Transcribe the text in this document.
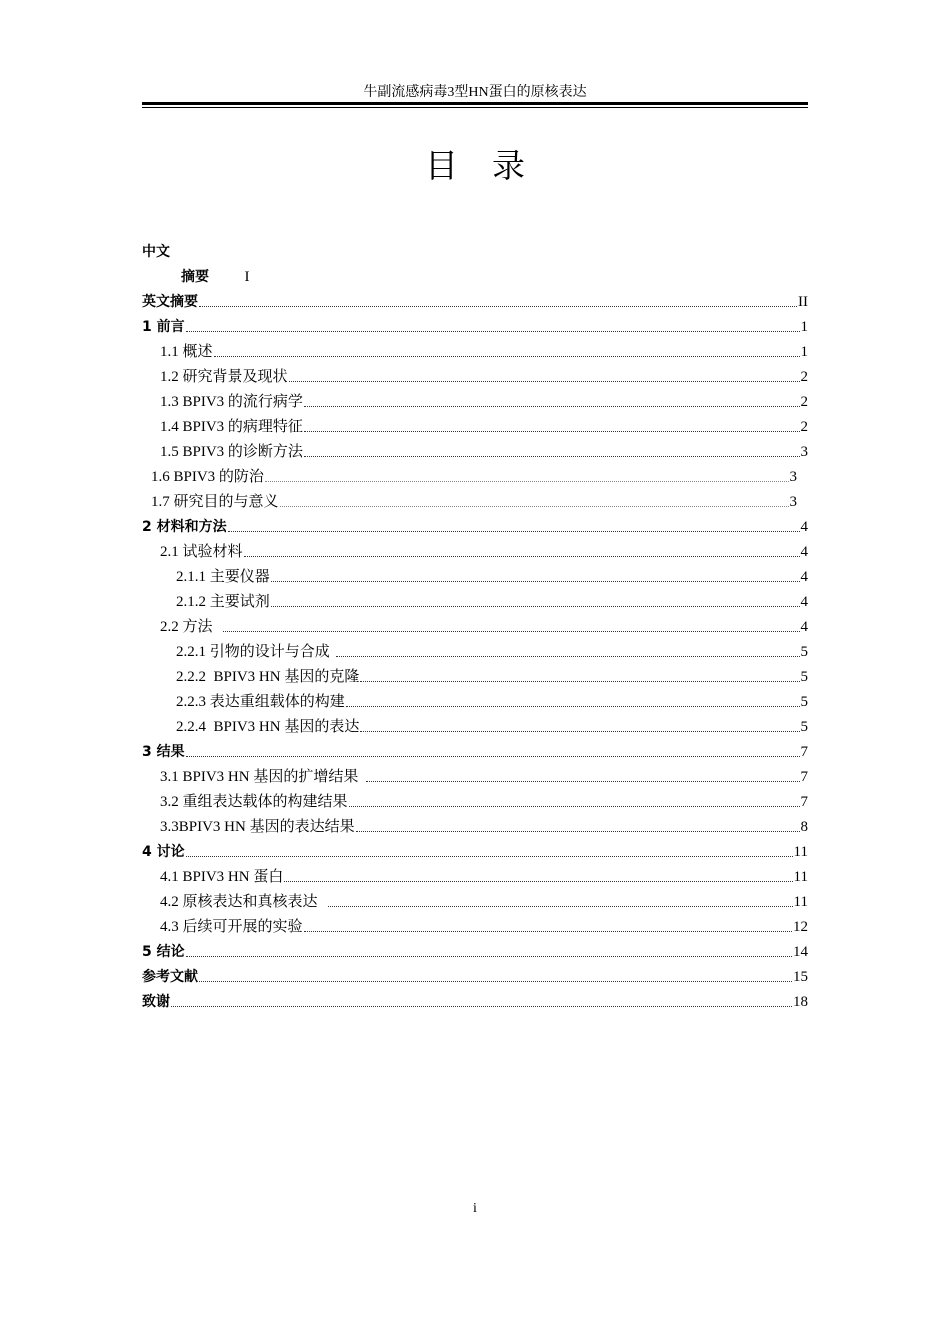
牛副流感病毒3型HN蛋白的原核表达
目录
中文
摘要 I
英文摘要	II
1 前言	1
1.1 概述	1
1.2 研究背景及现状	2
1.3 BPIV3 的流行病学	2
1.4 BPIV3 的病理特征	2
1.5 BPIV3 的诊断方法	3
1.6 BPIV3 的防治	3
1.7 研究目的与意义	3
2 材料和方法	4
2.1 试验材料	4
2.1.1 主要仪器	4
2.1.2 主要试剂	4
2.2 方法	4
2.2.1 引物的设计与合成	5
2.2.2  BPIV3 HN 基因的克隆	5
2.2.3 表达重组载体的构建	5
2.2.4  BPIV3 HN 基因的表达	5
3 结果	7
3.1 BPIV3 HN 基因的扩增结果	7
3.2 重组表达载体的构建结果	7
3.3BPIV3 HN 基因的表达结果	8
4 讨论	11
4.1 BPIV3 HN 蛋白	11
4.2 原核表达和真核表达	11
4.3 后续可开展的实验	12
5 结论	14
参考文献	15
致谢	18
i
